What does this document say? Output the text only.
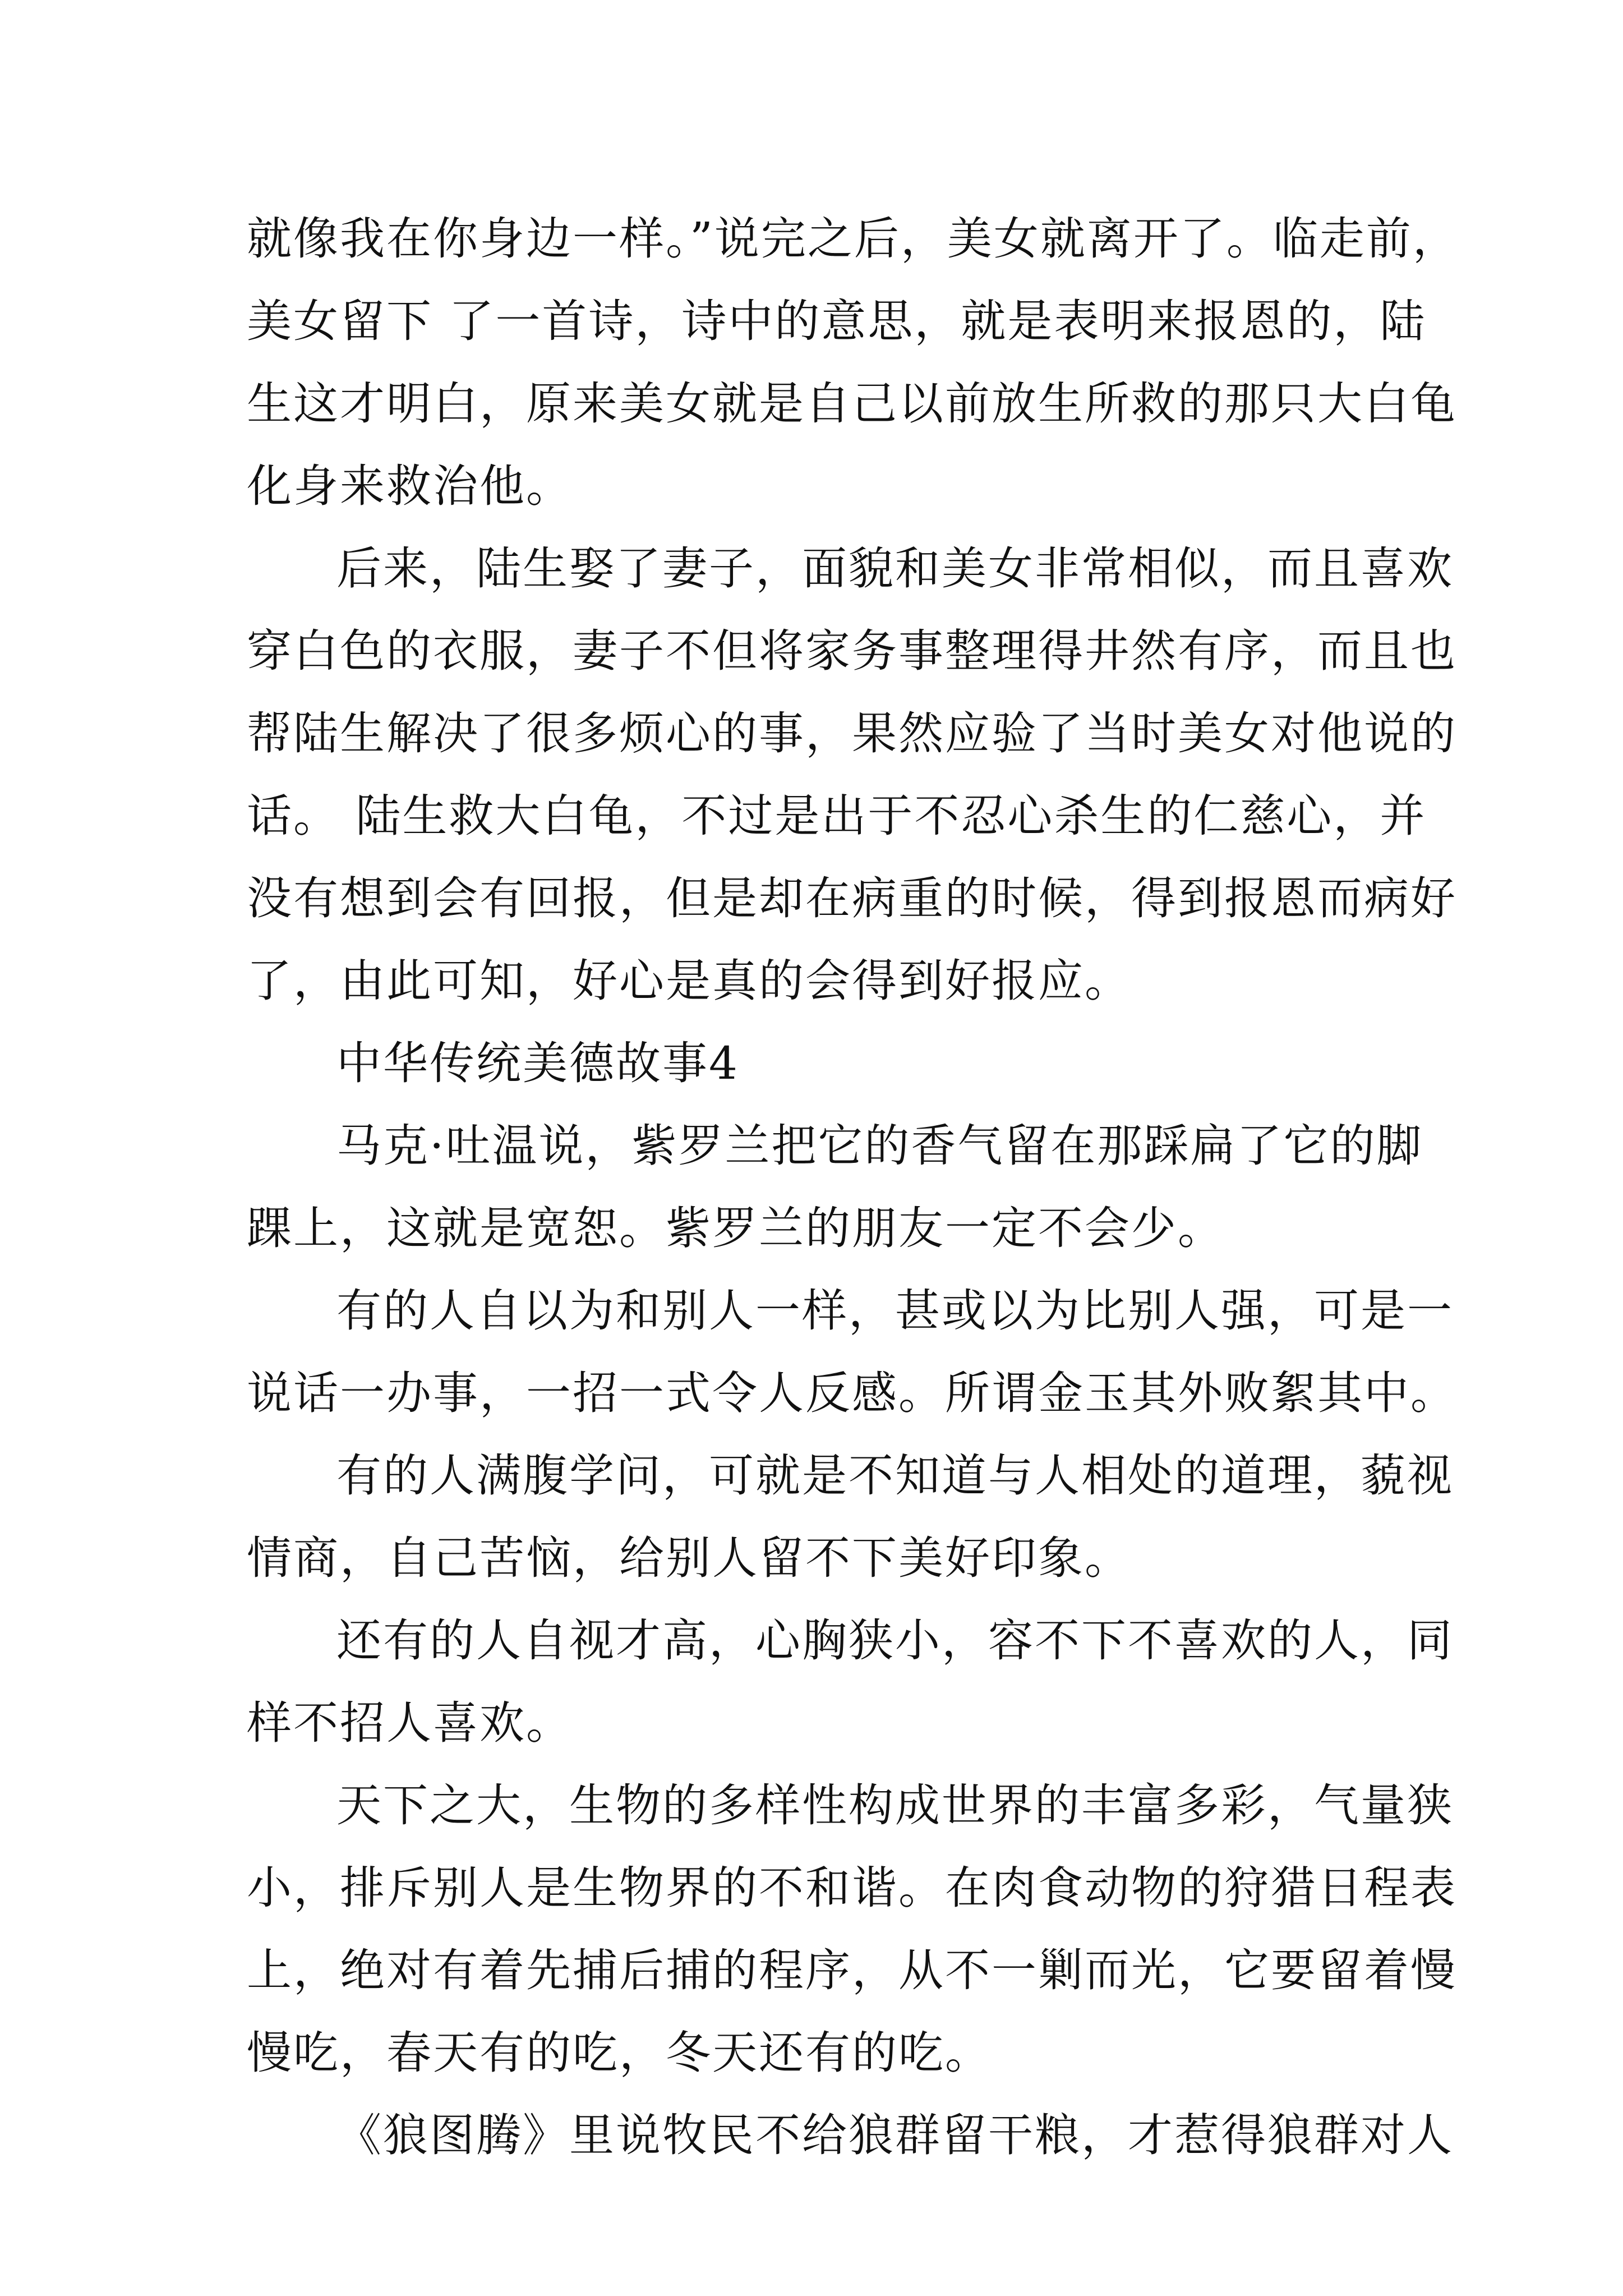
就像我在你身边一样。”说完之后，美女就离开了。临走前，
美女留下 了一首诗，诗中的意思，就是表明来报恩的，陆
生这才明白，原来美女就是自己以前放生所救的那只大白龟
化身来救治他。
后来，陆生娶了妻子，面貌和美女非常相似，而且喜欢
穿白色的衣服，妻子不但将家务事整理得井然有序，而且也
帮陆生解决了很多烦心的事，果然应验了当时美女对他说的
话。 陆生救大白龟，不过是出于不忍心杀生的仁慈心，并
没有想到会有回报，但是却在病重的时候，得到报恩而病好
了，由此可知，好心是真的会得到好报应。
中华传统美德故事4
马克·吐温说，紫罗兰把它的香气留在那踩扁了它的脚
踝上，这就是宽恕。紫罗兰的朋友一定不会少。
有的人自以为和别人一样，甚或以为比别人强，可是一
说话一办事，一招一式令人反感。所谓金玉其外败絮其中。
有的人满腹学问，可就是不知道与人相处的道理，藐视
情商，自己苦恼，给别人留不下美好印象。
还有的人自视才高，心胸狭小，容不下不喜欢的人，同
样不招人喜欢。
天下之大，生物的多样性构成世界的丰富多彩，气量狭
小，排斥别人是生物界的不和谐。在肉食动物的狩猎日程表
上，绝对有着先捕后捕的程序，从不一剿而光，它要留着慢
慢吃，春天有的吃，冬天还有的吃。
《狼图腾》里说牧民不给狼群留干粮，才惹得狼群对人
